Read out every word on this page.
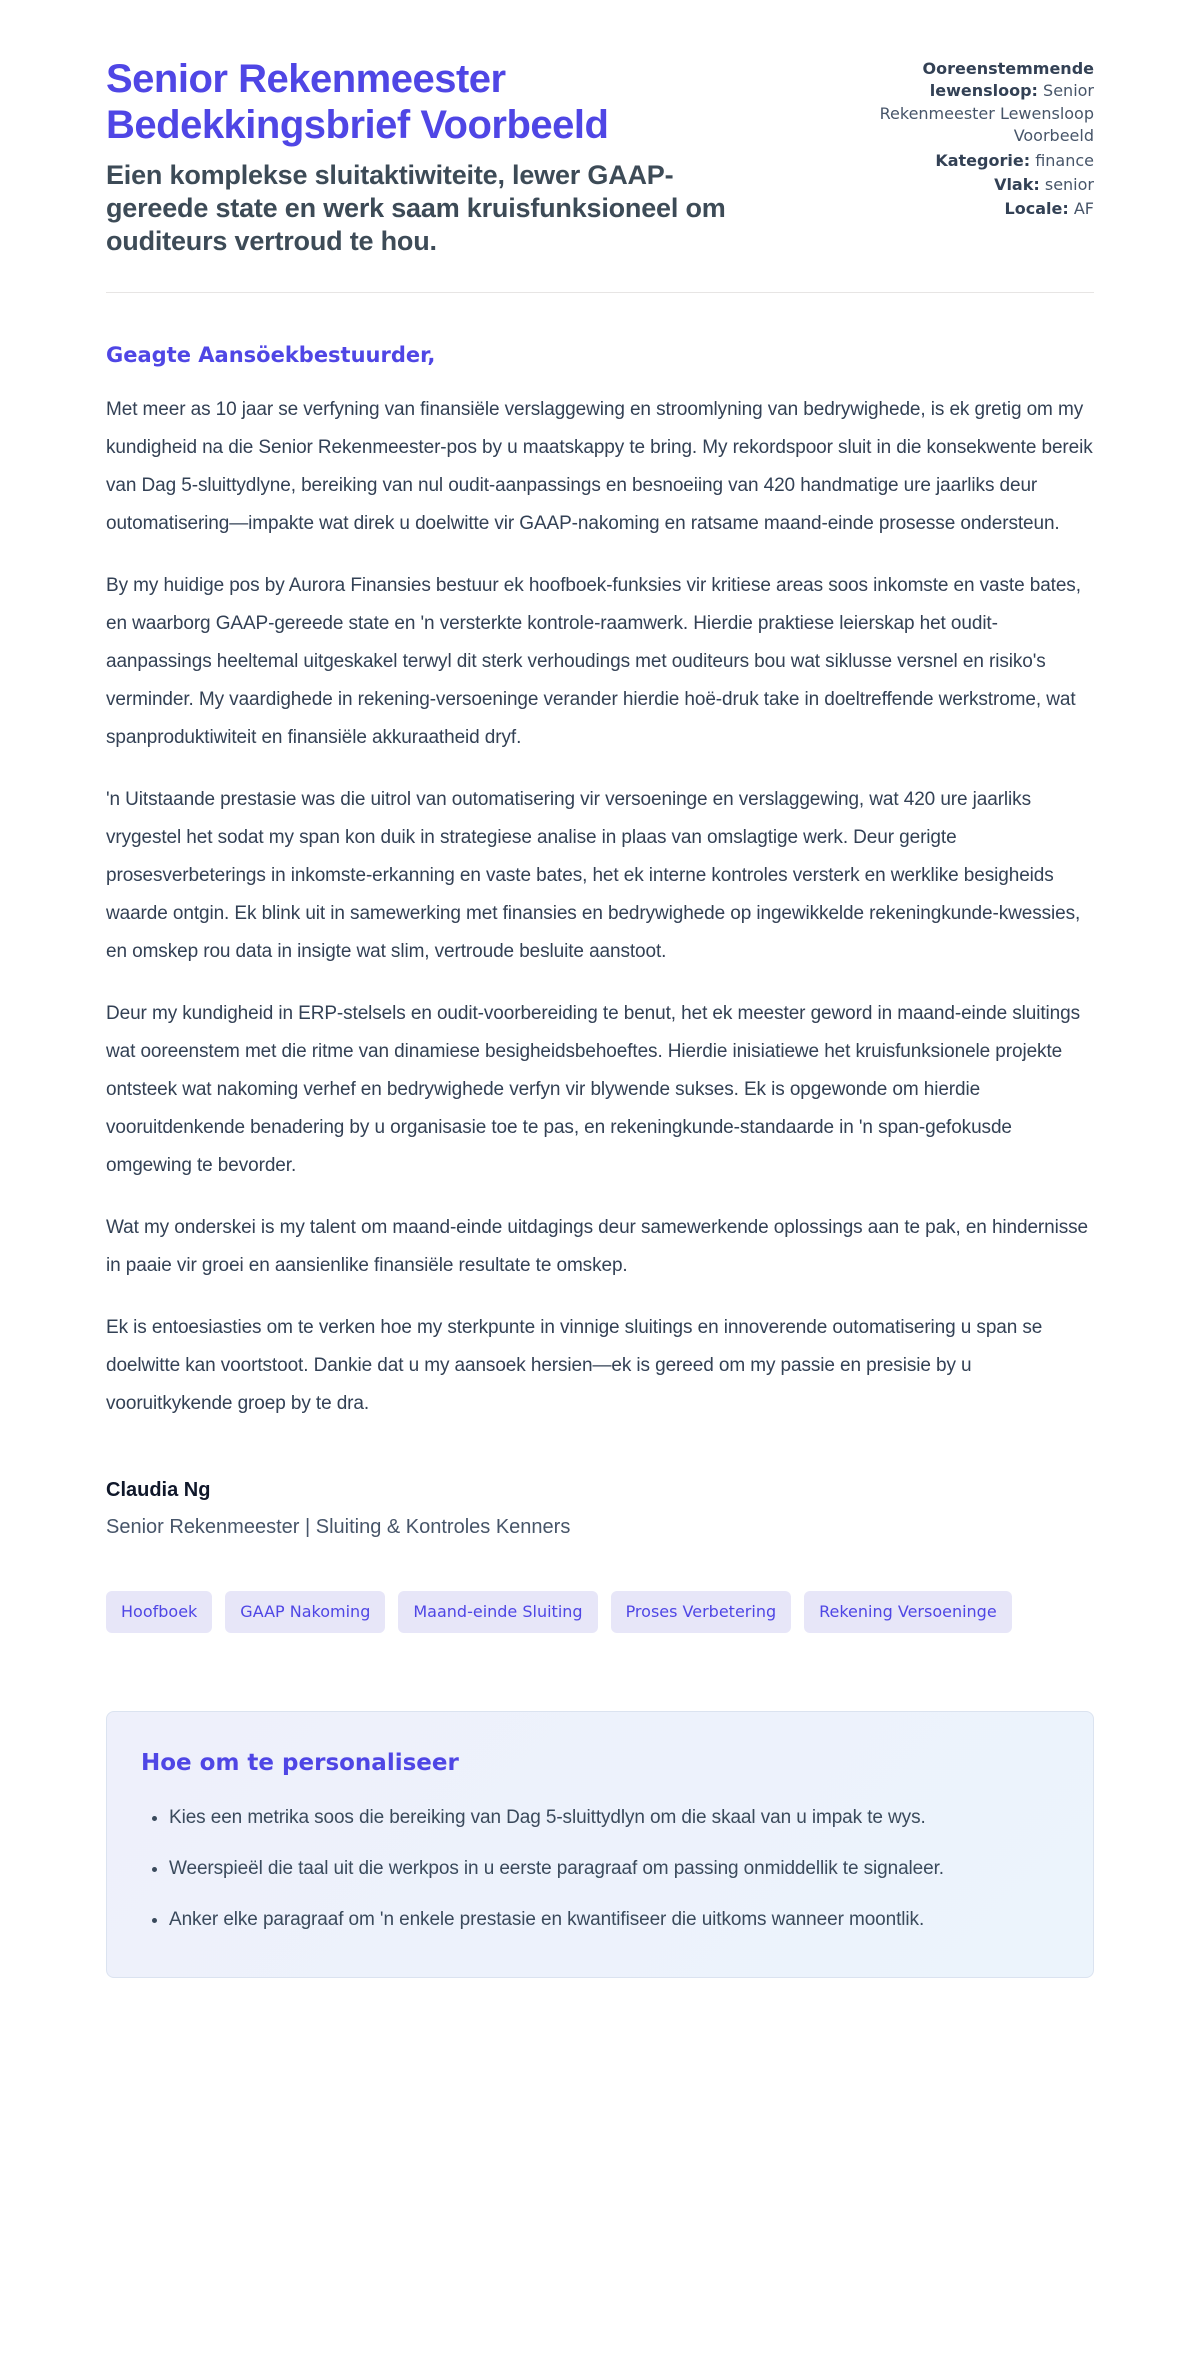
Senior Rekenmeester Bedekkingsbrief Voorbeeld
Eien komplekse sluitaktiwiteite, lewer GAAP-gereede state en werk saam kruisfunksioneel om ouditeurs vertroud te hou.
Ooreenstemmende lewensloop: Senior Rekenmeester Lewensloop Voorbeeld
Kategorie: finance
Vlak: senior
Locale: AF
Geagte Aansöekbestuurder,

Met meer as 10 jaar se verfyning van finansiële verslaggewing en stroomlyning van bedrywighede, is ek gretig om my kundigheid na die Senior Rekenmeester-pos by u maatskappy te bring. My rekordspoor sluit in die konsekwente bereik van Dag 5-sluittydlyne, bereiking van nul oudit-aanpassings en besnoeiing van 420 handmatige ure jaarliks deur outomatisering—impakte wat direk u doelwitte vir GAAP-nakoming en ratsame maand-einde prosesse ondersteun.

By my huidige pos by Aurora Finansies bestuur ek hoofboek-funksies vir kritiese areas soos inkomste en vaste bates, en waarborg GAAP-gereede state en 'n versterkte kontrole-raamwerk. Hierdie praktiese leierskap het oudit-aanpassings heeltemal uitgeskakel terwyl dit sterk verhoudings met ouditeurs bou wat siklusse versnel en risiko's verminder. My vaardighede in rekening-versoeninge verander hierdie hoë-druk take in doeltreffende werkstrome, wat spanproduktiwiteit en finansiële akkuraatheid dryf.

'n Uitstaande prestasie was die uitrol van outomatisering vir versoeninge en verslaggewing, wat 420 ure jaarliks vrygestel het sodat my span kon duik in strategiese analise in plaas van omslagtige werk. Deur gerigte prosesverbeterings in inkomste-erkanning en vaste bates, het ek interne kontroles versterk en werklike besigheids waarde ontgin. Ek blink uit in samewerking met finansies en bedrywighede op ingewikkelde rekeningkunde-kwessies, en omskep rou data in insigte wat slim, vertroude besluite aanstoot.

Deur my kundigheid in ERP-stelsels en oudit-voorbereiding te benut, het ek meester geword in maand-einde sluitings wat ooreenstem met die ritme van dinamiese besigheidsbehoeftes. Hierdie inisiatiewe het kruisfunksionele projekte ontsteek wat nakoming verhef en bedrywighede verfyn vir blywende sukses. Ek is opgewonde om hierdie vooruitdenkende benadering by u organisasie toe te pas, en rekeningkunde-standaarde in 'n span-gefokusde omgewing te bevorder.

Wat my onderskei is my talent om maand-einde uitdagings deur samewerkende oplossings aan te pak, en hindernisse in paaie vir groei en aansienlike finansiële resultate te omskep.

Ek is entoesiasties om te verken hoe my sterkpunte in vinnige sluitings en innoverende outomatisering u span se doelwitte kan voortstoot. Dankie dat u my aansoek hersien—ek is gereed om my passie en presisie by u vooruitkykende groep by te dra.

Claudia Ng
Senior Rekenmeester | Sluiting & Kontroles Kenners
Hoofboek	GAAP Nakoming	Maand-einde Sluiting	Proses Verbetering	Rekening Versoeninge
Hoe om te personaliseer
• Kies een metrika soos die bereiking van Dag 5-sluittydlyn om die skaal van u impak te wys.
• Weerspieël die taal uit die werkpos in u eerste paragraaf om passing onmiddellik te signaleer.
• Anker elke paragraaf om 'n enkele prestasie en kwantifiseer die uitkoms wanneer moontlik.
